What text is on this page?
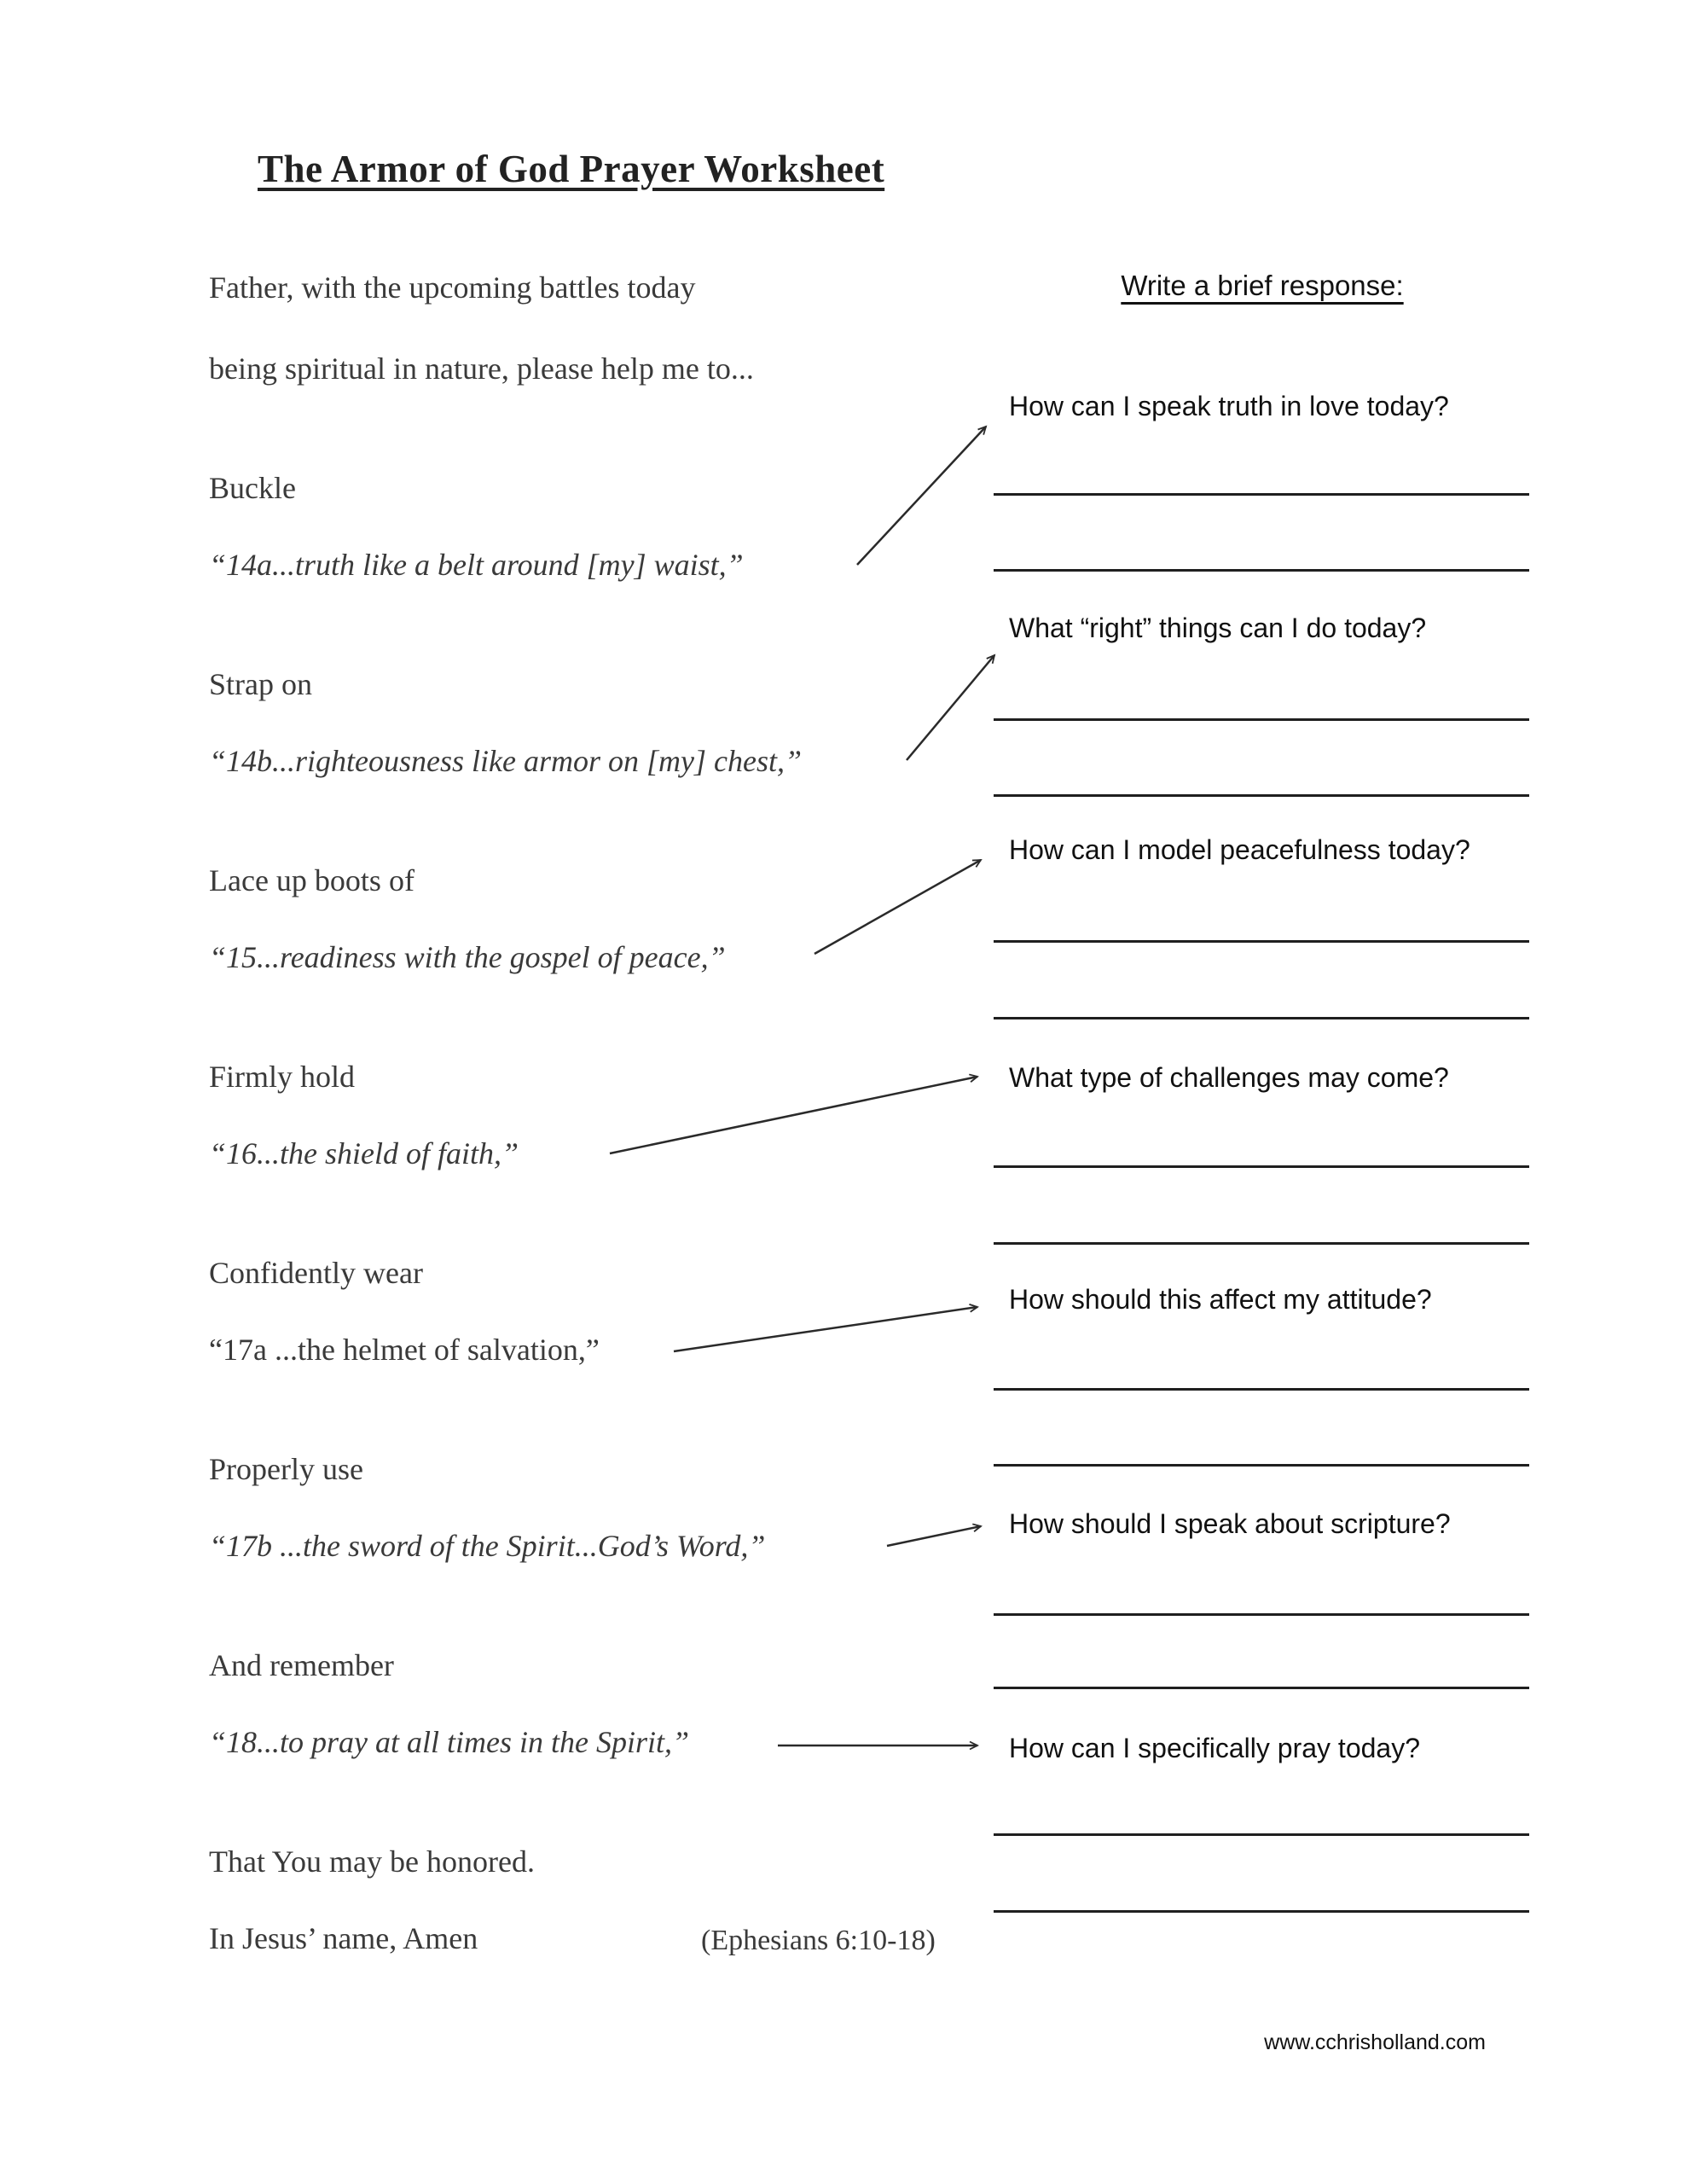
The Armor of God Prayer Worksheet
Father, with the upcoming battles today
being spiritual in nature, please help me to...
Buckle
“14a...truth like a belt around [my] waist,”
Strap on
“14b...righteousness like armor on [my] chest,”
Lace up boots of
“15...readiness with the gospel of peace,”
Firmly hold
“16...the shield of faith,”
Confidently wear
“17a ...the helmet of salvation,”
Properly use
“17b ...the sword of the Spirit...God’s Word,”
And remember
“18...to pray at all times in the Spirit,”
That You may be honored.
In Jesus’ name, Amen	(Ephesians 6:10-18)
Write a brief response:
How can I speak truth in love today?
What “right” things can I do today?
How can I model peacefulness today?
What type of challenges may come?
How should this affect my attitude?
How should I speak about scripture?
How can I specifically pray today?
www.cchrisholland.com
